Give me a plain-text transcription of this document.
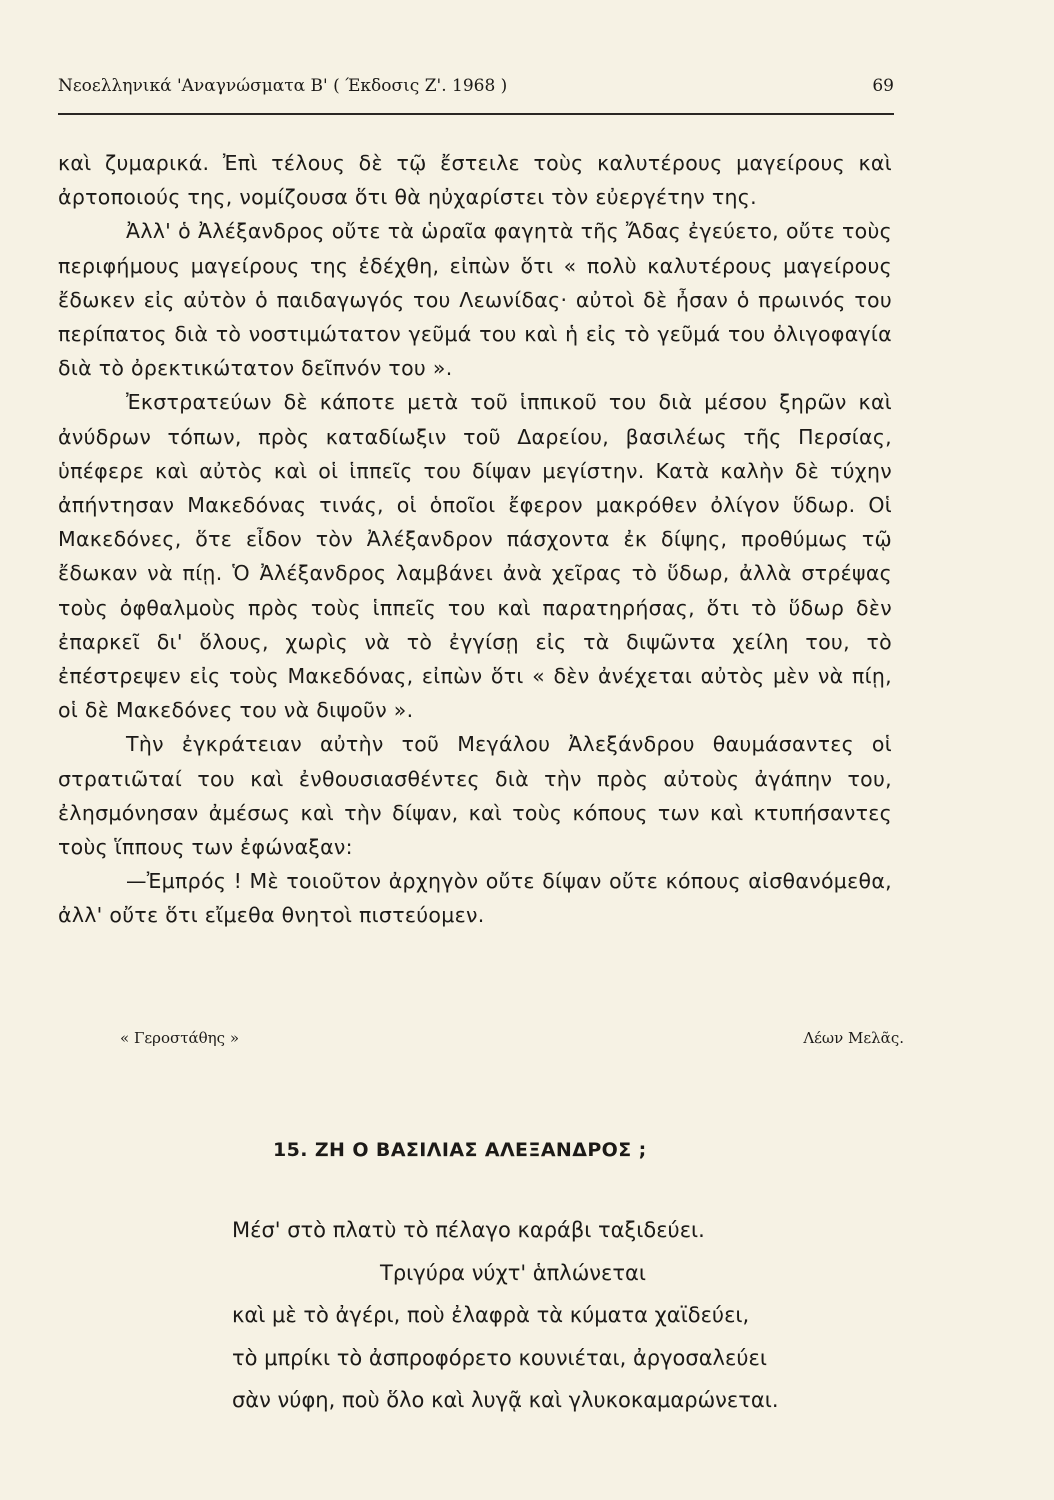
Νεοελληνικά 'Αναγνώσματα Β' ( Έκδοσις Ζ'. 1968 )	69

καὶ ζυμαρικά. Ἐπὶ τέλους δὲ τῷ ἔστειλε τοὺς καλυτέρους μαγείρους καὶ ἀρτοποιούς της, νομίζουσα ὅτι θὰ ηὐχαρίστει τὸν εὐεργέτην της.

Ἀλλ' ὁ Ἀλέξανδρος οὔτε τὰ ὡραῖα φαγητὰ τῆς Ἄδας ἐγεύετο, οὔτε τοὺς περιφήμους μαγείρους της ἐδέχθη, εἰπὼν ὅτι « πολὺ καλυτέρους μαγείρους ἔδωκεν εἰς αὐτὸν ὁ παιδαγωγός του Λεωνίδας· αὐτοὶ δὲ ἦσαν ὁ πρωινός του περίπατος διὰ τὸ νοστιμώτατον γεῦμά του καὶ ἡ εἰς τὸ γεῦμά του ὀλιγοφαγία διὰ τὸ ὀρεκτικώτατον δεῖπνόν του ».

Ἐκστρατεύων δὲ κάποτε μετὰ τοῦ ἱππικοῦ του διὰ μέσου ξηρῶν καὶ ἀνύδρων τόπων, πρὸς καταδίωξιν τοῦ Δαρείου, βασιλέως τῆς Περσίας, ὑπέφερε καὶ αὐτὸς καὶ οἱ ἱππεῖς του δίψαν μεγίστην. Κατὰ καλὴν δὲ τύχην ἀπήντησαν Μακεδόνας τινάς, οἱ ὁποῖοι ἔφερον μακρόθεν ὀλίγον ὕδωρ. Οἱ Μακεδόνες, ὅτε εἶδον τὸν Ἀλέξανδρον πάσχοντα ἐκ δίψης, προθύμως τῷ ἔδωκαν νὰ πίῃ. Ὁ Ἀλέξανδρος λαμβάνει ἀνὰ χεῖρας τὸ ὕδωρ, ἀλλὰ στρέψας τοὺς ὀφθαλμοὺς πρὸς τοὺς ἱππεῖς του καὶ παρατηρήσας, ὅτι τὸ ὕδωρ δὲν ἐπαρκεῖ δι' ὅλους, χωρὶς νὰ τὸ ἐγγίσῃ εἰς τὰ διψῶντα χείλη του, τὸ ἐπέστρεψεν εἰς τοὺς Μακεδόνας, εἰπὼν ὅτι « δὲν ἀνέχεται αὐτὸς μὲν νὰ πίῃ, οἱ δὲ Μακεδόνες του νὰ διψοῦν ».

Τὴν ἐγκράτειαν αὐτὴν τοῦ Μεγάλου Ἀλεξάνδρου θαυμάσαντες οἱ στρατιῶταί του καὶ ἐνθουσιασθέντες διὰ τὴν πρὸς αὐτοὺς ἀγάπην του, ἐλησμόνησαν ἀμέσως καὶ τὴν δίψαν, καὶ τοὺς κόπους των καὶ κτυπήσαντες τοὺς ἵππους των ἐφώναξαν:

—Ἐμπρός ! Μὲ τοιοῦτον ἀρχηγὸν οὔτε δίψαν οὔτε κόπους αἰσθανόμεθα, ἀλλ' οὔτε ὅτι εἴμεθα θνητοὶ πιστεύομεν.

« Γεροστάθης »	Λέων Μελᾶς.
15. ΖΗ Ο ΒΑΣΙΛΙΑΣ ΑΛΕΞΑΝΔΡΟΣ ;
Μέσ' στὸ πλατὺ τὸ πέλαγο καράβι ταξιδεύει.
Τριγύρα νύχτ' ἁπλώνεται
καὶ μὲ τὸ ἀγέρι, ποὺ ἐλαφρὰ τὰ κύματα χαϊδεύει,
τὸ μπρίκι τὸ ἀσπροφόρετο κουνιέται, ἀργοσαλεύει
σὰν νύφη, ποὺ ὅλο καὶ λυγᾷ καὶ γλυκοκαμαρώνεται.
